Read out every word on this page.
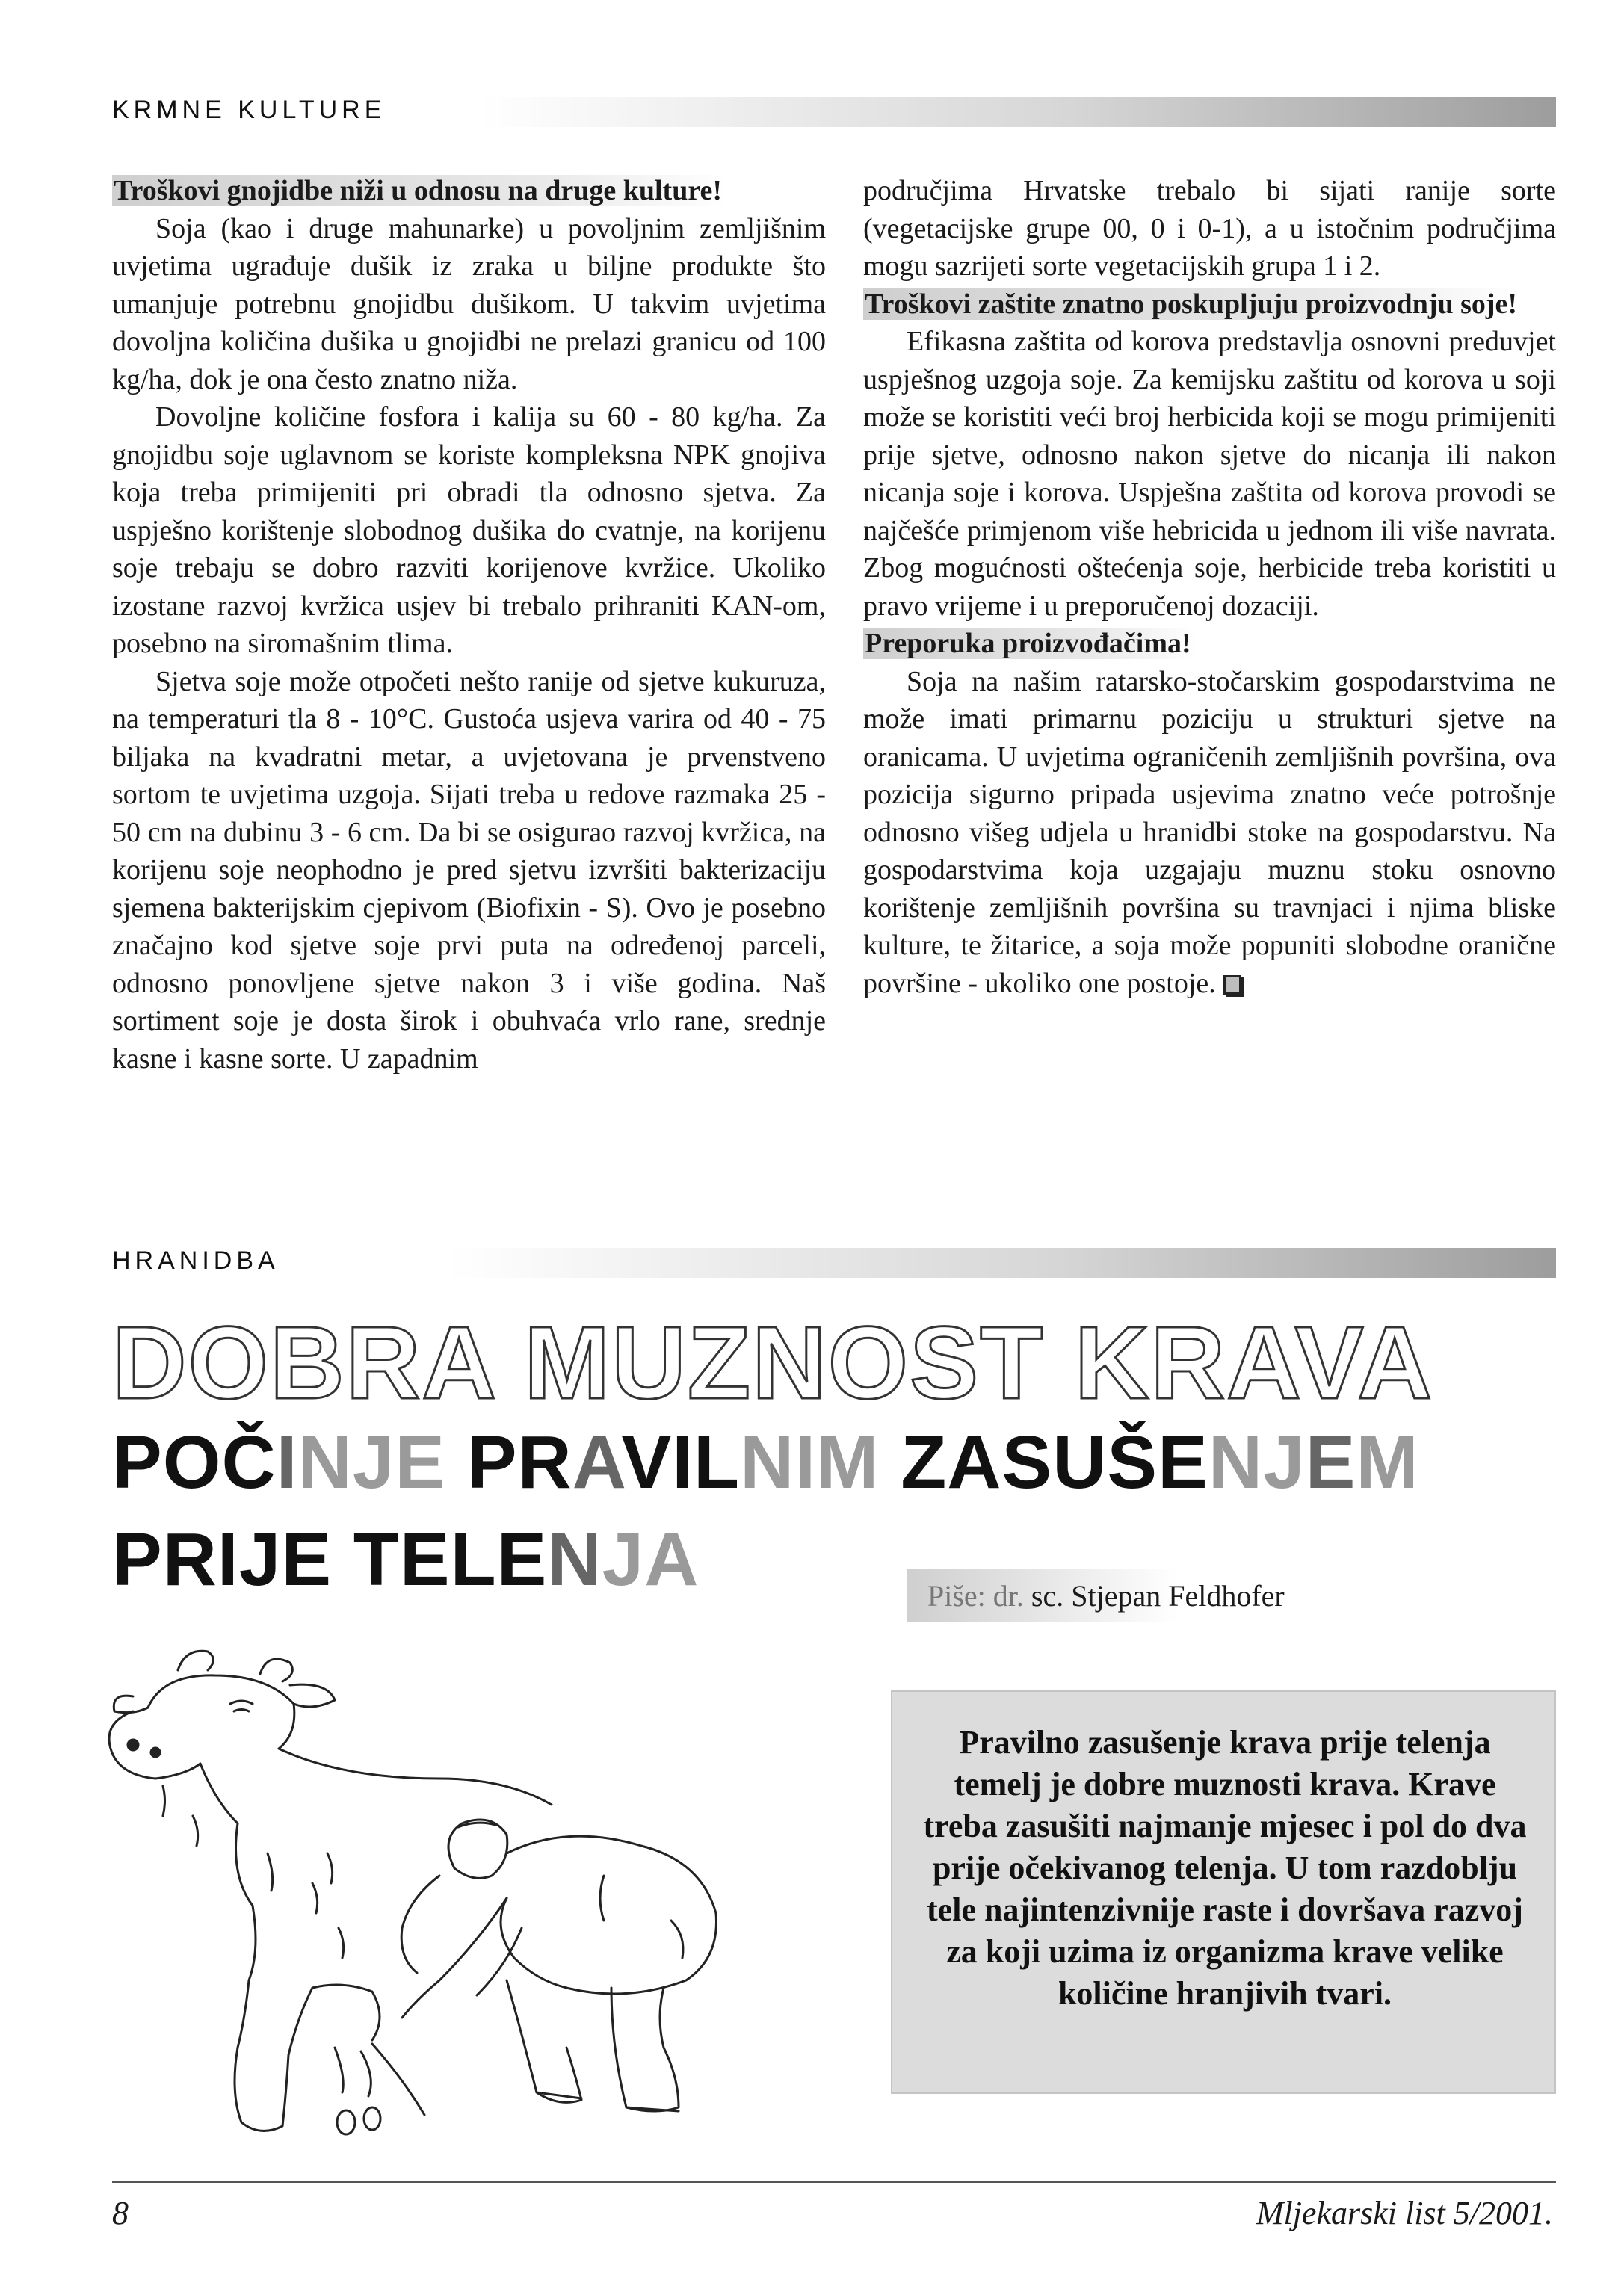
KRMNE KULTURE

Troškovi gnojidbe niži u odnosu na druge kulture!

Soja (kao i druge mahunarke) u povoljnim zemljišnim uvjetima ugrađuje dušik iz zraka u biljne produkte što umanjuje potrebnu gnojidbu dušikom. U takvim uvjetima dovoljna količina dušika u gnojidbi ne prelazi granicu od 100 kg/ha, dok je ona često znatno niža.

Dovoljne količine fosfora i kalija su 60 - 80 kg/ha. Za gnojidbu soje uglavnom se koriste kompleksna NPK gnojiva koja treba primijeniti pri obradi tla odnosno sjetva. Za uspješno korištenje slobodnog dušika do cvatnje, na korijenu soje trebaju se dobro razviti korijenove kvržice. Ukoliko izostane razvoj kvržica usjev bi trebalo prihraniti KAN-om, posebno na siromašnim tlima.

Sjetva soje može otpočeti nešto ranije od sjetve kukuruza, na temperaturi tla 8 - 10°C. Gustoća usjeva varira od 40 - 75 biljaka na kvadratni metar, a uvjetovana je prvenstveno sortom te uvjetima uzgoja. Sijati treba u redove razmaka 25 - 50 cm na dubinu 3 - 6 cm. Da bi se osigurao razvoj kvržica, na korijenu soje neophodno je pred sjetvu izvršiti bakterizaciju sjemena bakterijskim cjepivom (Biofixin - S). Ovo je posebno značajno kod sjetve soje prvi puta na određenoj parceli, odnosno ponovljene sjetve nakon 3 i više godina. Naš sortiment soje je dosta širok i obuhvaća vrlo rane, srednje kasne i kasne sorte. U zapadnim

područjima Hrvatske trebalo bi sijati ranije sorte (vegetacijske grupe 00, 0 i 0-1), a u istočnim područjima mogu sazrijeti sorte vegetacijskih grupa 1 i 2.

Troškovi zaštite znatno poskupljuju proizvodnju soje!

Efikasna zaštita od korova predstavlja osnovni preduvjet uspješnog uzgoja soje. Za kemijsku zaštitu od korova u soji može se koristiti veći broj herbicida koji se mogu primijeniti prije sjetve, odnosno nakon sjetve do nicanja ili nakon nicanja soje i korova. Uspješna zaštita od korova provodi se najčešće primjenom više hebricida u jednom ili više navrata. Zbog mogućnosti oštećenja soje, herbicide treba koristiti u pravo vrijeme i u preporučenoj dozaciji.

Preporuka proizvođačima!

Soja na našim ratarsko-stočarskim gospodarstvima ne može imati primarnu poziciju u strukturi sjetve na oranicama. U uvjetima ograničenih zemljišnih površina, ova pozicija sigurno pripada usjevima znatno veće potrošnje odnosno višeg udjela u hranidbi stoke na gospodarstvu. Na gospodarstvima koja uzgajaju muznu stoku osnovno korištenje zemljišnih površina su travnjaci i njima bliske kulture, te žitarice, a soja može popuniti slobodne oranične površine - ukoliko one postoje.

HRANIDBA
DOBRA MUZNOST KRAVA
POČINJE PRAVILNIM ZASUŠENJEM
PRIJE TELENJA	Piše: dr. sc. Stjepan Feldhofer
Pravilno zasušenje krava prije telenja temelj je dobre muznosti krava. Krave treba zasušiti najmanje mjesec i pol do dva prije očekivanog telenja. U tom razdoblju tele najintenzivnije raste i dovršava razvoj za koji uzima iz organizma krave velike količine hranjivih tvari.
8	Mljekarski list 5/2001.
